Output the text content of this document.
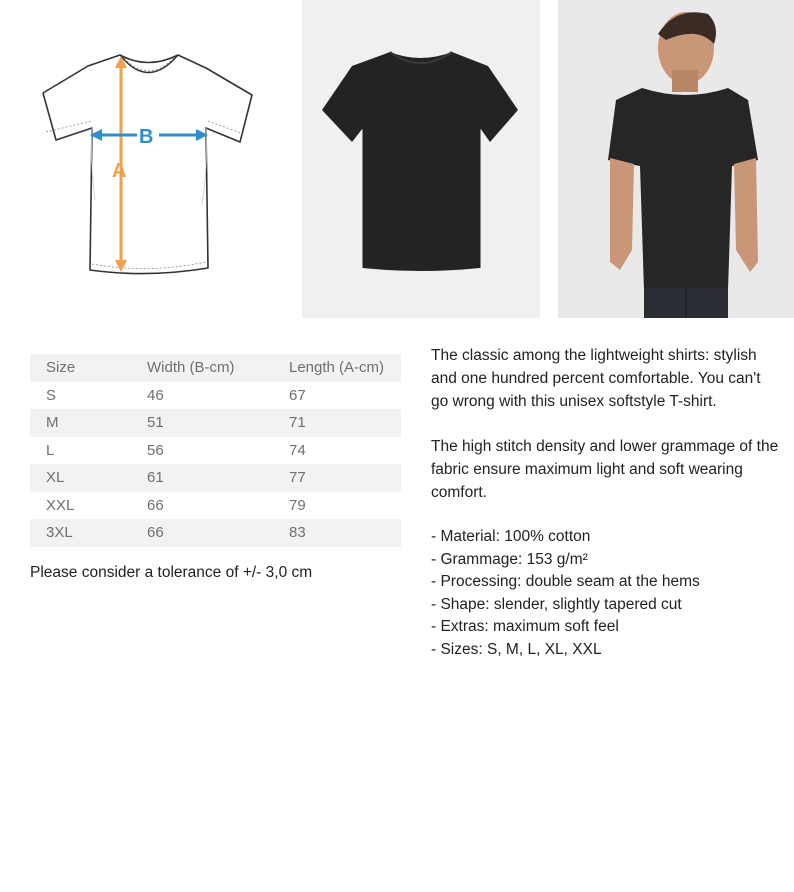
A
B
Size	Width (B-cm)	Length (A-cm)
S	46	67
M	51	71
L	56	74
XL	61	77
XXL	66	79
3XL	66	83
Please consider a tolerance of +/- 3,0 cm

The classic among the lightweight shirts: stylish and one hundred percent comfortable. You can't go wrong with this unisex softstyle T-shirt.

The high stitch density and lower grammage of the fabric ensure maximum light and soft wearing comfort.

- Material: 100% cotton
- Grammage: 153 g/m²
- Processing: double seam at the hems
- Shape: slender, slightly tapered cut
- Extras: maximum soft feel
- Sizes: S, M, L, XL, XXL
